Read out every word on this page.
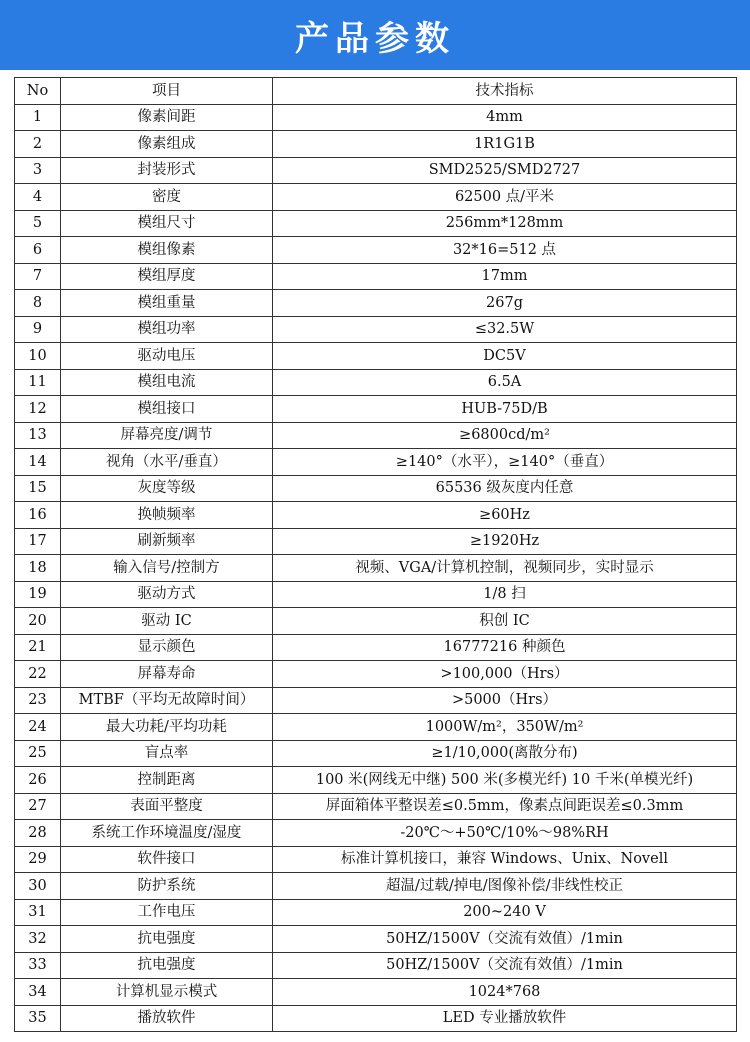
产品参数
No	项目	技术指标
1	像素间距	4mm
2	像素组成	1R1G1B
3	封装形式	SMD2525/SMD2727
4	密度	62500 点/平米
5	模组尺寸	256mm*128mm
6	模组像素	32*16=512 点
7	模组厚度	17mm
8	模组重量	267g
9	模组功率	≤32.5W
10	驱动电压	DC5V
11	模组电流	6.5A
12	模组接口	HUB-75D/B
13	屏幕亮度/调节	≥6800cd/m²
14	视角（水平/垂直）	≥140°（水平），≥140°（垂直）
15	灰度等级	65536 级灰度内任意
16	换帧频率	≥60Hz
17	刷新频率	≥1920Hz
18	输入信号/控制方	视频、VGA/计算机控制，视频同步，实时显示
19	驱动方式	1/8 扫
20	驱动 IC	积创 IC
21	显示颜色	16777216 种颜色
22	屏幕寿命	>100,000（Hrs）
23	MTBF（平均无故障时间）	>5000（Hrs）
24	最大功耗/平均功耗	1000W/m²，350W/m²
25	盲点率	≥1/10,000(离散分布)
26	控制距离	100 米(网线无中继) 500 米(多模光纤) 10 千米(单模光纤)
27	表面平整度	屏面箱体平整误差≤0.5mm，像素点间距误差≤0.3mm
28	系统工作环境温度/湿度	-20℃～+50℃/10%～98%RH
29	软件接口	标准计算机接口，兼容 Windows、Unix、Novell
30	防护系统	超温/过载/掉电/图像补偿/非线性校正
31	工作电压	200~240 V
32	抗电强度	50HZ/1500V（交流有效值）/1min
33	抗电强度	50HZ/1500V（交流有效值）/1min
34	计算机显示模式	1024*768
35	播放软件	LED 专业播放软件
